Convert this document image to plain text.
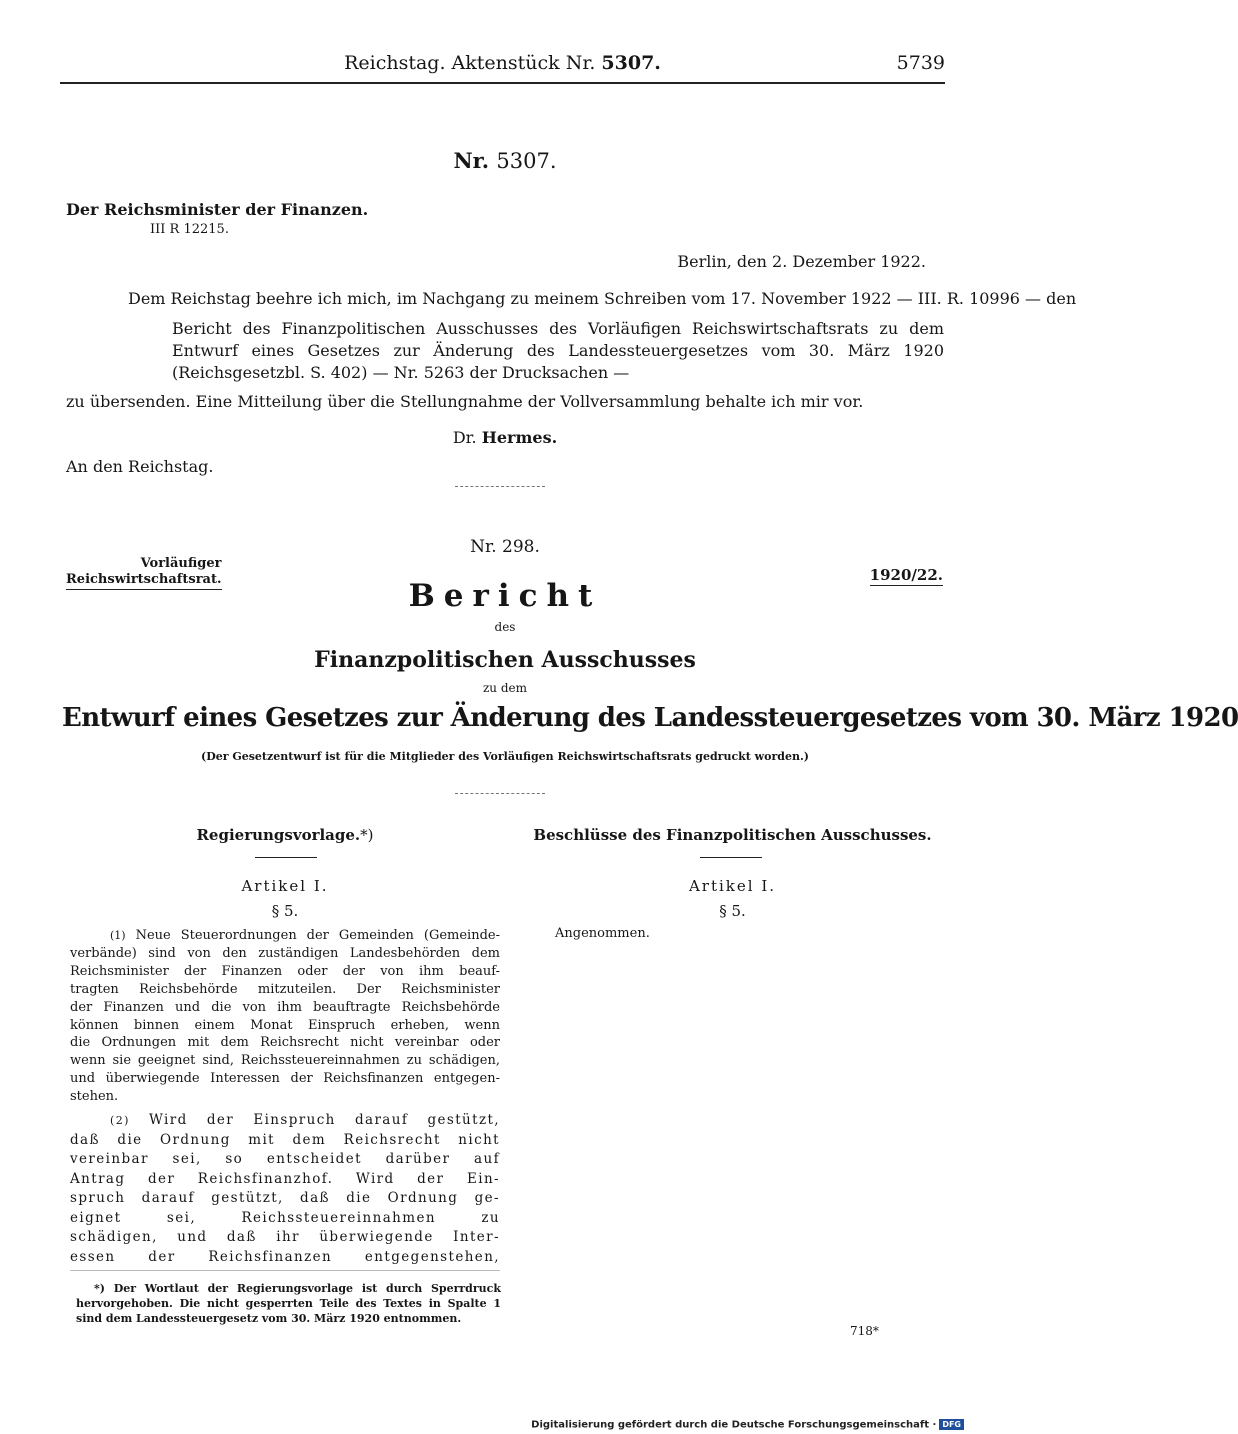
Reichstag. Aktenstück Nr. 5307.	5739
Nr. 5307.
Der Reichsminister der Finanzen.
III R 12215.
Berlin, den 2. Dezember 1922.
Dem Reichstag beehre ich mich, im Nachgang zu meinem Schreiben vom 17. November 1922 — III. R. 10996 — den
Bericht des Finanzpolitischen Ausschusses des Vorläufigen Reichswirtschaftsrats zu dem
Entwurf eines Gesetzes zur Änderung des Landessteuergesetzes vom 30. März 1920
(Reichsgesetzbl. S. 402) — Nr. 5263 der Drucksachen —
zu übersenden. Eine Mitteilung über die Stellungnahme der Vollversammlung behalte ich mir vor.
Dr. Hermes.
An den Reichstag.
Nr. 298.
Vorläufiger
Reichswirtschaftsrat.	1920/22.
Bericht
des
Finanzpolitischen Ausschusses
zu dem
Entwurf eines Gesetzes zur Änderung des Landessteuergesetzes vom 30. März 1920
(Der Gesetzentwurf ist für die Mitglieder des Vorläufigen Reichswirtschaftsrats gedruckt worden.)
Regierungsvorlage.*)	Beschlüsse des Finanzpolitischen Ausschusses.
Artikel I.
§ 5.
Artikel I.
§ 5.
(1) Neue Steuerordnungen der Gemeinden (Gemeinde-
verbände) sind von den zuständigen Landesbehörden dem
Reichsminister der Finanzen oder der von ihm beauf-
tragten Reichsbehörde mitzuteilen. Der Reichsminister
der Finanzen und die von ihm beauftragte Reichsbehörde
können binnen einem Monat Einspruch erheben, wenn
die Ordnungen mit dem Reichsrecht nicht vereinbar oder
wenn sie geeignet sind, Reichssteuereinnahmen zu schädigen,
und überwiegende Interessen der Reichsfinanzen entgegen-
stehen.
(2) Wird der Einspruch darauf gestützt,
daß die Ordnung mit dem Reichsrecht nicht
vereinbar sei, so entscheidet darüber auf
Antrag der Reichsfinanzhof. Wird der Ein-
spruch darauf gestützt, daß die Ordnung ge-
eignet sei, Reichssteuereinnahmen zu
schädigen, und daß ihr überwiegende Inter-
essen der Reichsfinanzen entgegenstehen,
Angenommen.
*) Der Wortlaut der Regierungsvorlage ist durch Sperrdruck
hervorgehoben. Die nicht gesperrten Teile des Textes in Spalte 1
sind dem Landessteuergesetz vom 30. März 1920 entnommen.
718*
Digitalisierung gefördert durch die Deutsche Forschungsgemeinschaft · DFG
